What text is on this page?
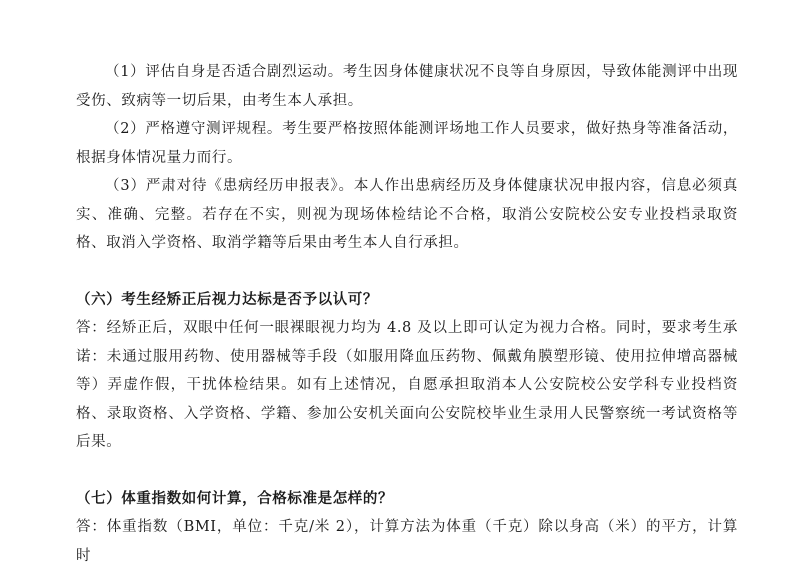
（1）评估自身是否适合剧烈运动。考生因身体健康状况不良等自身原因，导致体能测评中出现受伤、致病等一切后果，由考生本人承担。

（2）严格遵守测评规程。考生要严格按照体能测评场地工作人员要求，做好热身等准备活动，根据身体情况量力而行。

（3）严肃对待《患病经历申报表》。本人作出患病经历及身体健康状况申报内容，信息必须真实、准确、完整。若存在不实，则视为现场体检结论不合格，取消公安院校公安专业投档录取资格、取消入学资格、取消学籍等后果由考生本人自行承担。

（六）考生经矫正后视力达标是否予以认可？

答：经矫正后，双眼中任何一眼裸眼视力均为 4.8 及以上即可认定为视力合格。同时，要求考生承诺：未通过服用药物、使用器械等手段（如服用降血压药物、佩戴角膜塑形镜、使用拉伸增高器械等）弄虚作假，干扰体检结果。如有上述情况，自愿承担取消本人公安院校公安学科专业投档资格、录取资格、入学资格、学籍、参加公安机关面向公安院校毕业生录用人民警察统一考试资格等后果。

（七）体重指数如何计算，合格标准是怎样的？

答：体重指数（BMI，单位：千克/米 2），计算方法为体重（千克）除以身高（米）的平方，计算时
